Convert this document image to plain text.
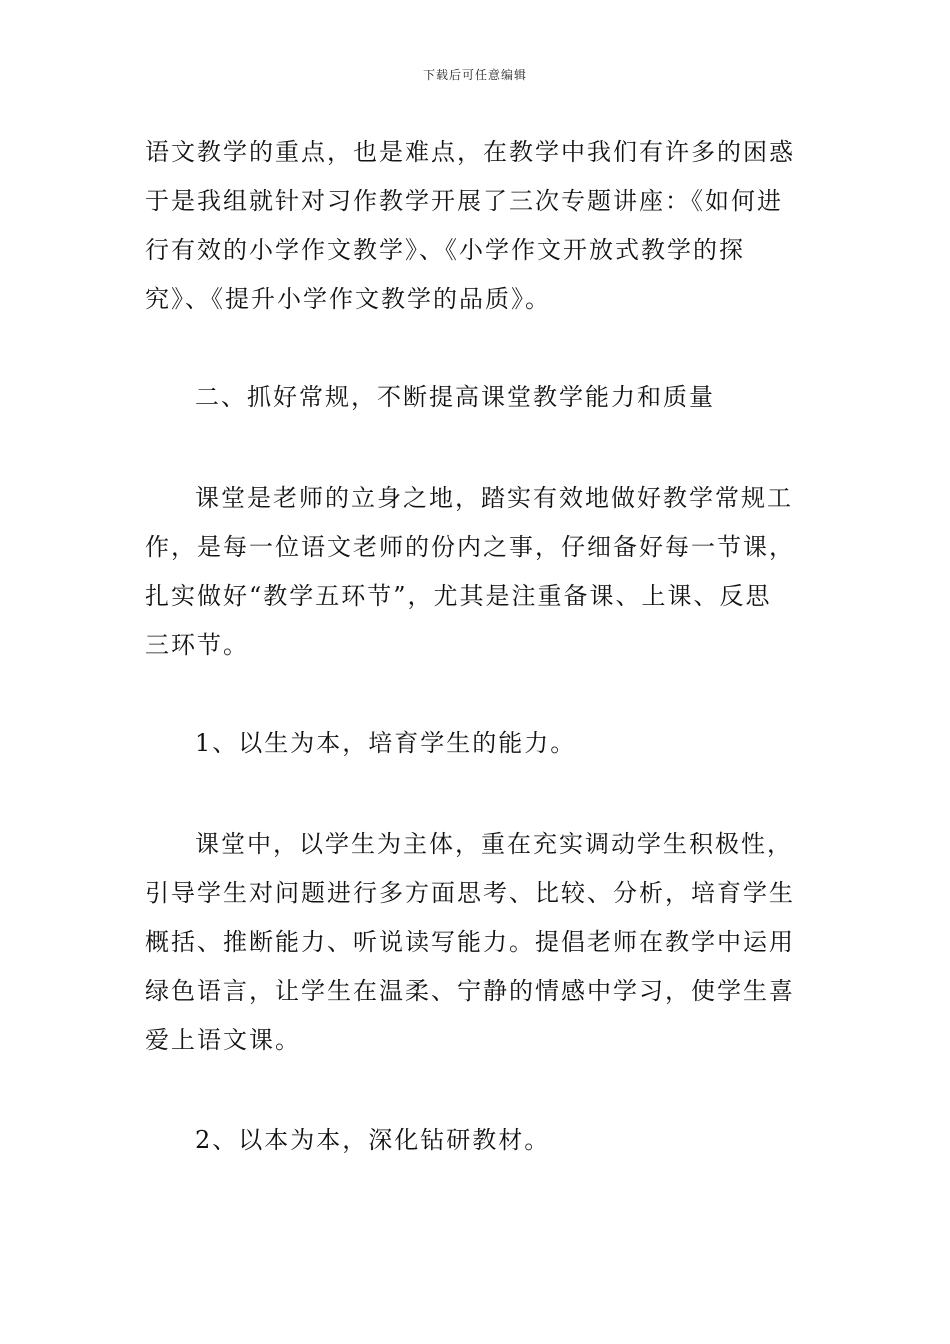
下载后可任意编辑
语文教学的重点，也是难点，在教学中我们有许多的困惑
于是我组就针对习作教学开展了三次专题讲座：《如何进
行有效的小学作文教学》、《小学作文开放式教学的探
究》、《提升小学作文教学的品质》。
二、抓好常规，不断提高课堂教学能力和质量
课堂是老师的立身之地，踏实有效地做好教学常规工
作，是每一位语文老师的份内之事，仔细备好每一节课，
扎实做好“教学五环节”，尤其是注重备课、上课、反思
三环节。
1、以生为本，培育学生的能力。
课堂中，以学生为主体，重在充实调动学生积极性，
引导学生对问题进行多方面思考、比较、分析，培育学生
概括、推断能力、听说读写能力。提倡老师在教学中运用
绿色语言，让学生在温柔、宁静的情感中学习，使学生喜
爱上语文课。
2、以本为本，深化钻研教材。
